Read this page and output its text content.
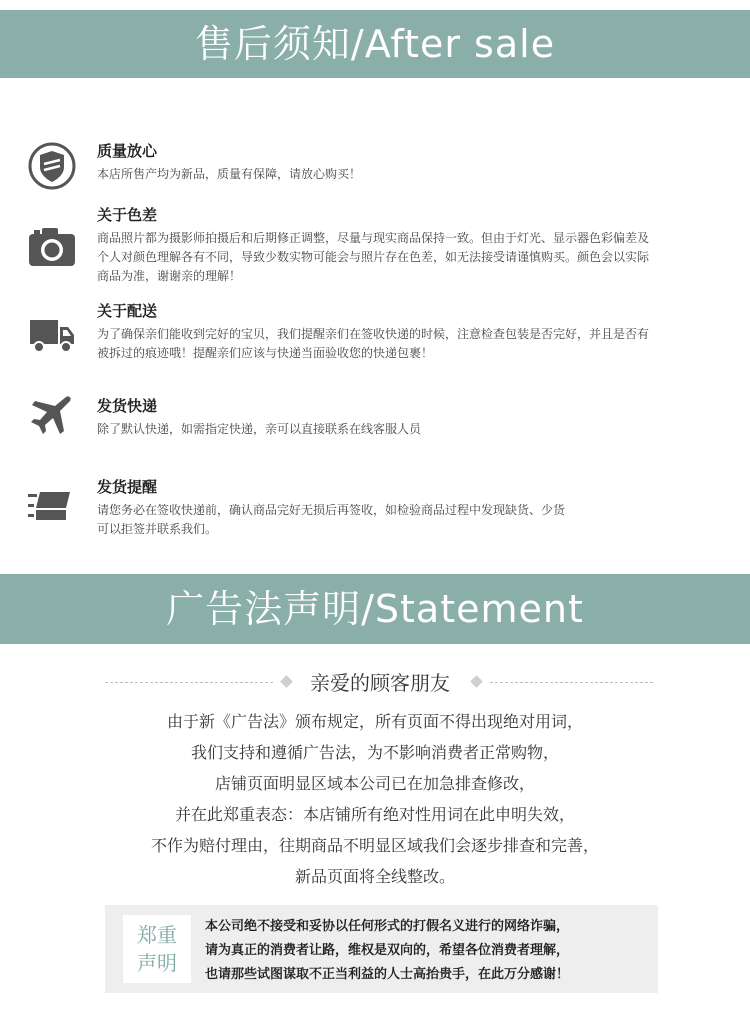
售后须知/After sale
质量放心
本店所售产均为新品，质量有保障，请放心购买！
关于色差
商品照片都为摄影师拍摄后和后期修正调整，尽量与现实商品保持一致。但由于灯光、显示器色彩偏差及
个人对颜色理解各有不同，导致少数实物可能会与照片存在色差，如无法接受请谨慎购买。颜色会以实际
商品为准，谢谢亲的理解！
关于配送
为了确保亲们能收到完好的宝贝，我们提醒亲们在签收快递的时候，注意检查包装是否完好，并且是否有
被拆过的痕迹哦！提醒亲们应该与快递当面验收您的快递包裹！
发货快递
除了默认快递，如需指定快递，亲可以直接联系在线客服人员
发货提醒
请您务必在签收快递前，确认商品完好无损后再签收，如检验商品过程中发现缺货、少货
可以拒签并联系我们。
广告法声明/Statement
亲爱的顾客朋友
由于新《广告法》颁布规定，所有页面不得出现绝对用词，
我们支持和遵循广告法，为不影响消费者正常购物，
店铺页面明显区域本公司已在加急排查修改，
并在此郑重表态：本店铺所有绝对性用词在此申明失效，
不作为赔付理由，往期商品不明显区域我们会逐步排查和完善，
新品页面将全线整改。
郑重
声明
本公司绝不接受和妥协以任何形式的打假名义进行的网络诈骗，
请为真正的消费者让路，维权是双向的，希望各位消费者理解，
也请那些试图谋取不正当利益的人士高抬贵手，在此万分感谢！
